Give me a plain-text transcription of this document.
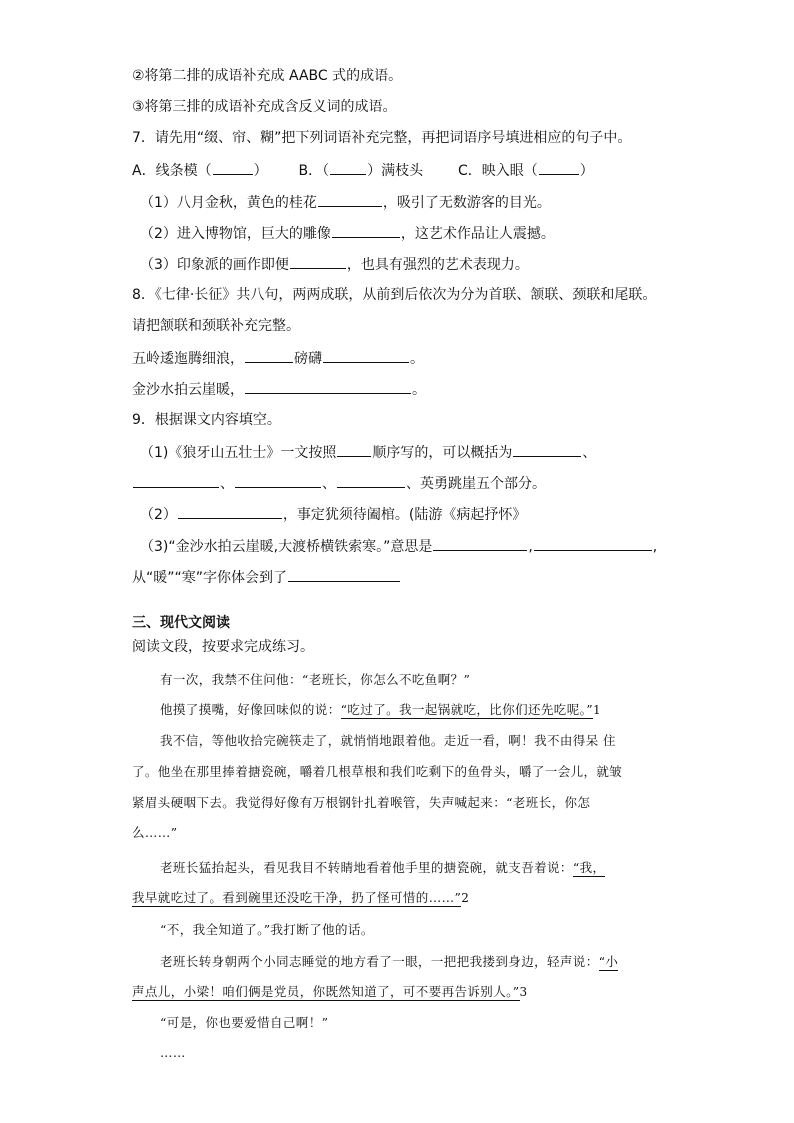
②将第二排的成语补充成 AABC 式的成语。
③将第三排的成语补充成含反义词的成语。
7．请先用“缀、帘、糊”把下列词语补充完整，再把词语序号填进相应的句子中。
A．线条模（	） B．（	）满枝头 C．映入眼（	）
（1）八月金秋，黄色的桂花	，吸引了无数游客的目光。
（2）进入博物馆，巨大的雕像	，这艺术作品让人震撼。
（3）印象派的画作即便	，也具有强烈的艺术表现力。
8．《七律·长征》共八句，两两成联，从前到后依次为分为首联、颔联、颈联和尾联。
请把颔联和颈联补充完整。
五岭逶迤腾细浪，	磅礴	。
金沙水拍云崖暖，	。
9．根据课文内容填空。
（1)《狼牙山五壮士》一文按照	顺序写的，可以概括为	、
、	、	、英勇跳崖五个部分。
（2）	，事定犹须待阖棺。(陆游《病起抒怀》
（3)“金沙水拍云崖暖,大渡桥横铁索寒。”意思是	,	,
从“暖”“寒”字你体会到了
三、现代文阅读
阅读文段，按要求完成练习。
有一次，我禁不住问他：“老班长，你怎么不吃鱼啊？”
他摸了摸嘴，好像回味似的说：“吃过了。我一起锅就吃，比你们还先吃呢。”1
我不信，等他收拾完碗筷走了，就悄悄地跟着他。走近一看，啊！我不由得呆 住
了。他坐在那里捧着搪瓷碗，嚼着几根草根和我们吃剩下的鱼骨头，嚼了一会儿，就皱
紧眉头硬咽下去。我觉得好像有万根钢针扎着喉管，失声喊起来：“老班长，你怎
么……”
老班长猛抬起头，看见我目不转睛地看着他手里的搪瓷碗，就支吾着说：“我，
我早就吃过了。看到碗里还没吃干净，扔了怪可惜的……”2
“不，我全知道了。”我打断了他的话。
老班长转身朝两个小同志睡觉的地方看了一眼，一把把我搂到身边，轻声说：“小
声点儿，小梁！咱们俩是党员，你既然知道了，可不要再告诉别人。”3
“可是，你也要爱惜自己啊！”
……
